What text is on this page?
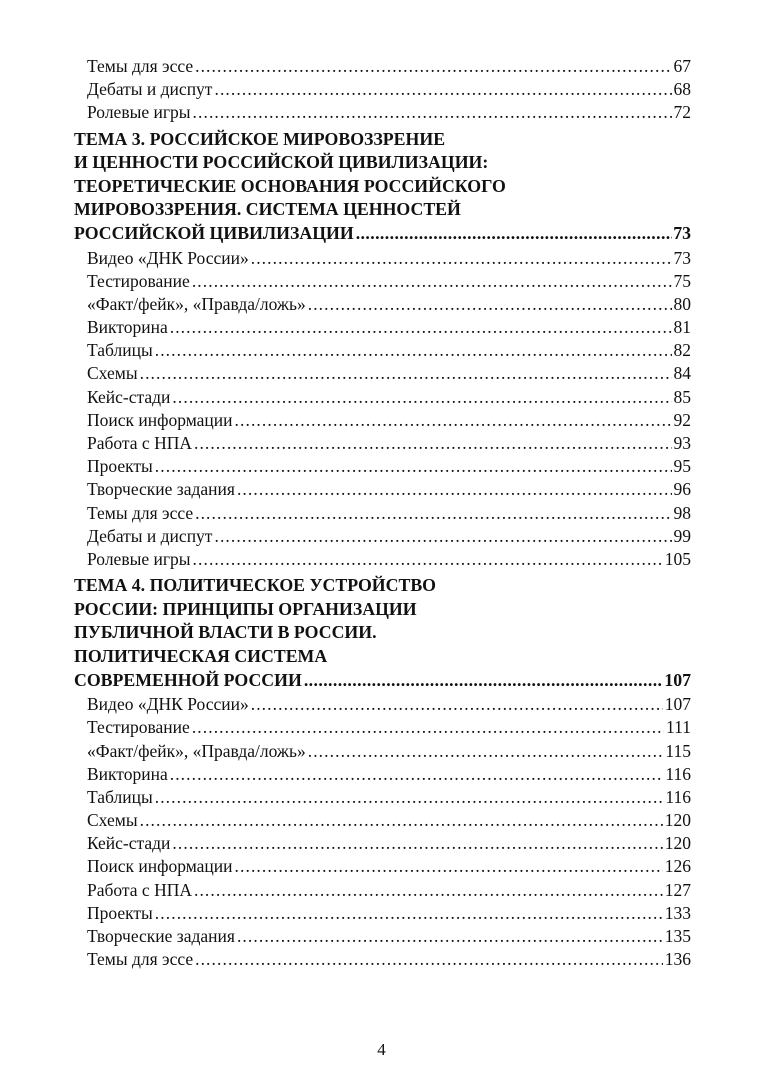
Темы для эссе .....	67
Дебаты и диспут .....	68
Ролевые игры .....	72
ТЕМА 3. РОССИЙСКОЕ МИРОВОЗЗРЕНИЕ
И ЦЕННОСТИ РОССИЙСКОЙ ЦИВИЛИЗАЦИИ:
ТЕОРЕТИЧЕСКИЕ ОСНОВАНИЯ РОССИЙСКОГО
МИРОВОЗЗРЕНИЯ. СИСТЕМА ЦЕННОСТЕЙ
РОССИЙСКОЙ ЦИВИЛИЗАЦИИ .....	73
Видео «ДНК России» .....	73
Тестирование .....	75
«Факт/фейк», «Правда/ложь» .....	80
Викторина .....	81
Таблицы .....	82
Схемы .....	84
Кейс-стади .....	85
Поиск информации .....	92
Работа с НПА .....	93
Проекты .....	95
Творческие задания .....	96
Темы для эссе .....	98
Дебаты и диспут .....	99
Ролевые игры .....	105
ТЕМА 4. ПОЛИТИЧЕСКОЕ УСТРОЙСТВО
РОССИИ: ПРИНЦИПЫ ОРГАНИЗАЦИИ
ПУБЛИЧНОЙ ВЛАСТИ В РОССИИ.
ПОЛИТИЧЕСКАЯ СИСТЕМА
СОВРЕМЕННОЙ РОССИИ .....	107
Видео «ДНК России» .....	107
Тестирование .....	111
«Факт/фейк», «Правда/ложь» .....	115
Викторина .....	116
Таблицы .....	116
Схемы .....	120
Кейс-стади .....	120
Поиск информации .....	126
Работа с НПА .....	127
Проекты .....	133
Творческие задания .....	135
Темы для эссе .....	136
4
